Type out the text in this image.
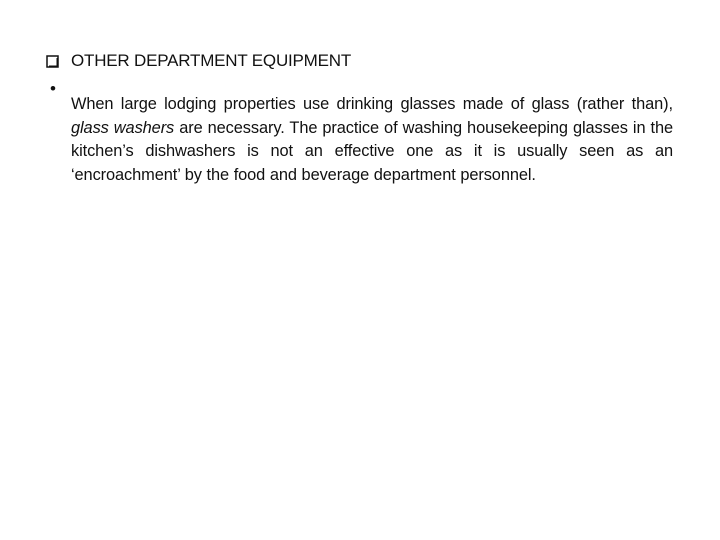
OTHER DEPARTMENT EQUIPMENT
•

When large lodging properties use drinking glasses made of glass (rather than), glass washers are necessary. The practice of washing housekeeping glasses in the kitchen’s dishwashers is not an effective one as it is usually seen as an ‘encroachment’ by the food and beverage department personnel.
